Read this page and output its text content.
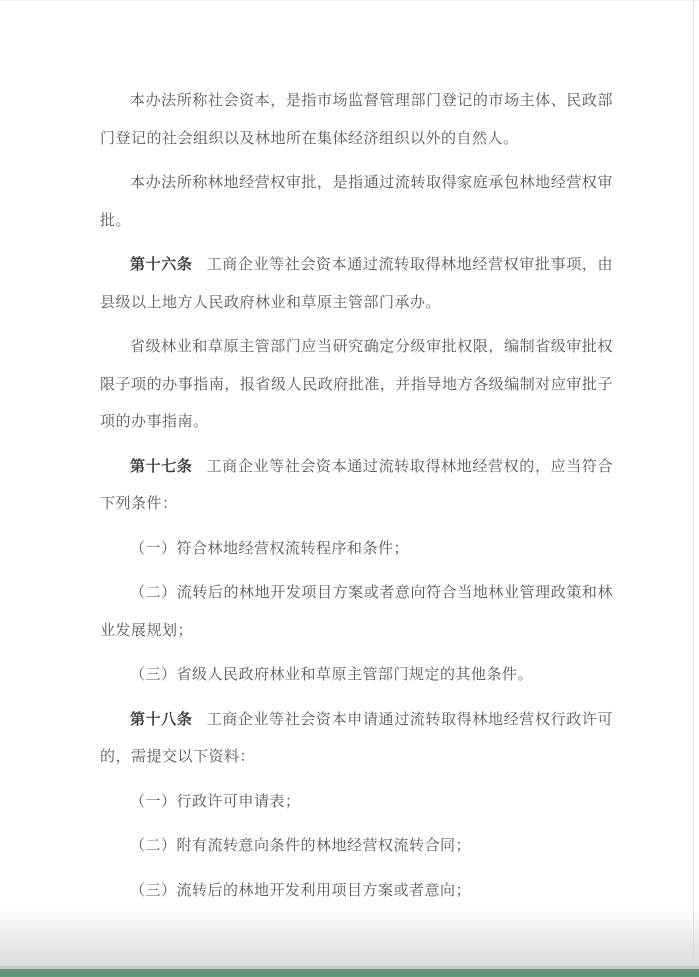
本办法所称社会资本，是指市场监督管理部门登记的市场主体、民政部门登记的社会组织以及林地所在集体经济组织以外的自然人。

本办法所称林地经营权审批，是指通过流转取得家庭承包林地经营权审批。

第十六条 工商企业等社会资本通过流转取得林地经营权审批事项，由县级以上地方人民政府林业和草原主管部门承办。

省级林业和草原主管部门应当研究确定分级审批权限，编制省级审批权限子项的办事指南，报省级人民政府批准，并指导地方各级编制对应审批子项的办事指南。

第十七条 工商企业等社会资本通过流转取得林地经营权的，应当符合下列条件：

（一）符合林地经营权流转程序和条件；

（二）流转后的林地开发项目方案或者意向符合当地林业管理政策和林业发展规划；

（三）省级人民政府林业和草原主管部门规定的其他条件。

第十八条 工商企业等社会资本申请通过流转取得林地经营权行政许可的，需提交以下资料：

（一）行政许可申请表；

（二）附有流转意向条件的林地经营权流转合同；

（三）流转后的林地开发利用项目方案或者意向；
